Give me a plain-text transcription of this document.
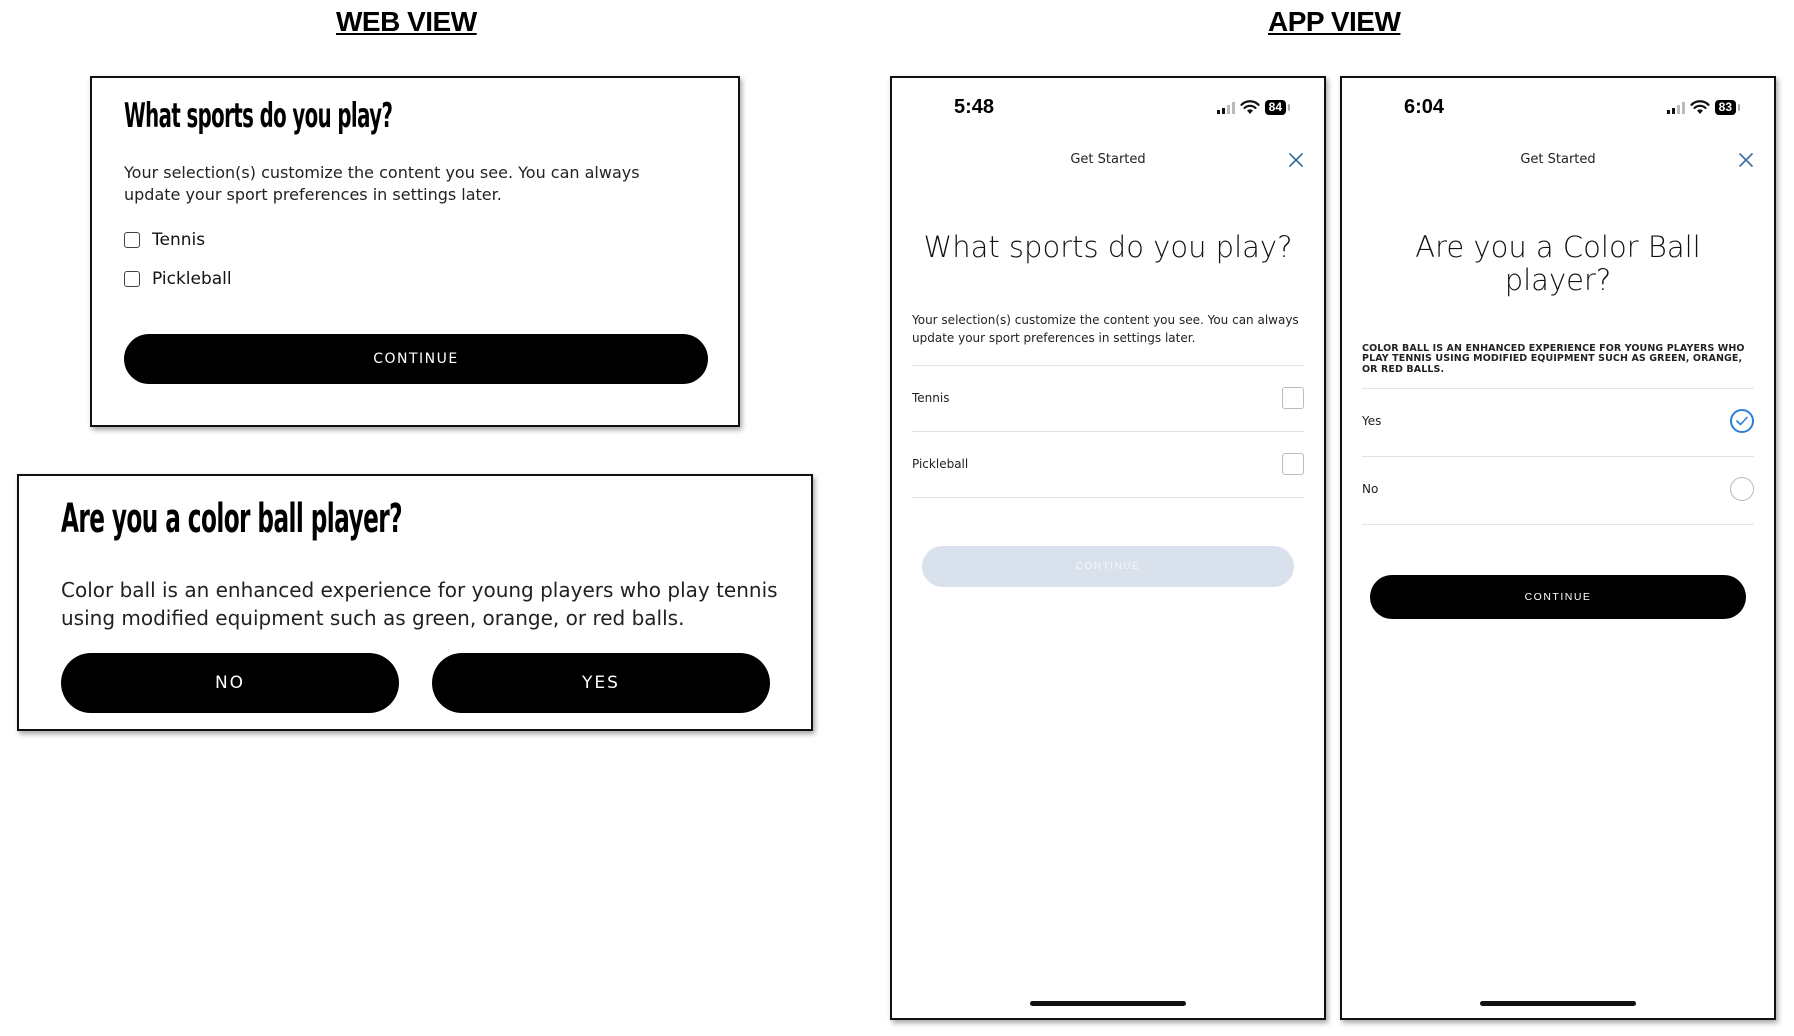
WEB VIEW	APP VIEW
What sports do you play?

Your selection(s) customize the content you see. You can always update your sport preferences in settings later.

Tennis
Pickleball
CONTINUE
Are you a color ball player?

Color ball is an enhanced experience for young players who play tennis using modified equipment such as green, orange, or red balls.

NO	YES
5:48	84
Get Started
What sports do you play?

Your selection(s) customize the content you see. You can always update your sport preferences in settings later.

Tennis
Pickleball
CONTINUE
6:04	83
Get Started
Are you a Color Ball player?

COLOR BALL IS AN ENHANCED EXPERIENCE FOR YOUNG PLAYERS WHO PLAY TENNIS USING MODIFIED EQUIPMENT SUCH AS GREEN, ORANGE, OR RED BALLS.

Yes
No
CONTINUE
